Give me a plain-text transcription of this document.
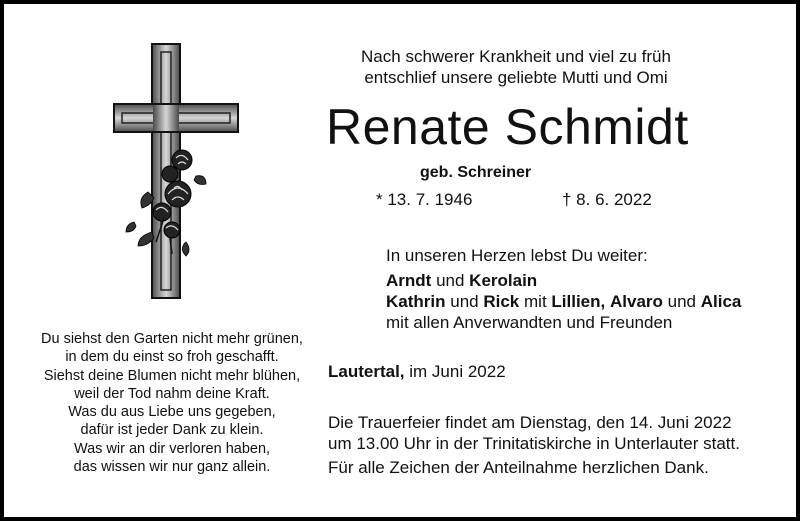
Nach schwerer Krankheit und viel zu früh
entschlief unsere geliebte Mutti und Omi
Renate Schmidt
geb. Schreiner
* 13. 7. 1946	† 8. 6. 2022
In unseren Herzen lebst Du weiter:
Arndt und Kerolain
Kathrin und Rick mit Lillien, Alvaro und Alica
mit allen Anverwandten und Freunden
Du siehst den Garten nicht mehr grünen,
in dem du einst so froh geschafft.
Siehst deine Blumen nicht mehr blühen,
weil der Tod nahm deine Kraft.
Was du aus Liebe uns gegeben,
dafür ist jeder Dank zu klein.
Was wir an dir verloren haben,
das wissen wir nur ganz allein.
Lautertal, im Juni 2022
Die Trauerfeier findet am Dienstag, den 14. Juni 2022
um 13.00 Uhr in der Trinitatiskirche in Unterlauter statt.
Für alle Zeichen der Anteilnahme herzlichen Dank.
